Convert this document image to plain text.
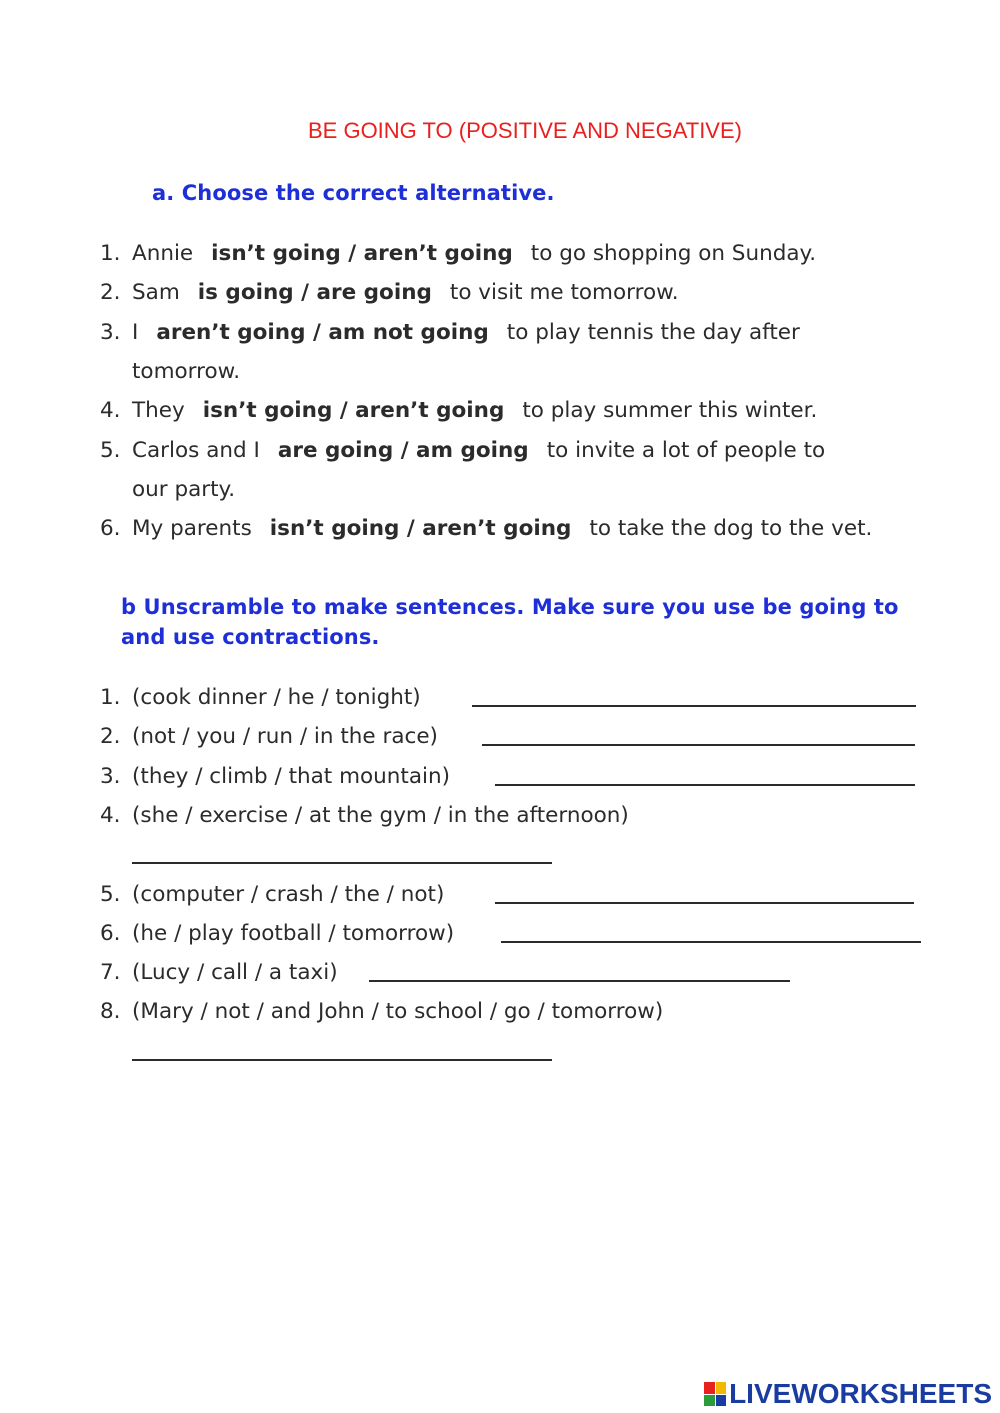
BE GOING TO (POSITIVE AND NEGATIVE)
a. Choose the correct alternative.
1. Annie isn’t going / aren’t going to go shopping on Sunday.
2. Sam is going / are going to visit me tomorrow.
3. I aren’t going / am not going to play tennis the day after
tomorrow.
4. They isn’t going / aren’t going to play summer this winter.
5. Carlos and I are going / am going to invite a lot of people to
our party.
6. My parents isn’t going / aren’t going to take the dog to the vet.
b Unscramble to make sentences. Make sure you use be going to
and use contractions.
1. (cook dinner / he / tonight)
2. (not / you / run / in the race)
3. (they / climb / that mountain)
4. (she / exercise / at the gym / in the afternoon)
5. (computer / crash / the / not)
6. (he / play football / tomorrow)
7. (Lucy / call / a taxi)
8. (Mary / not / and John / to school / go / tomorrow)
LIVEWORKSHEETS
